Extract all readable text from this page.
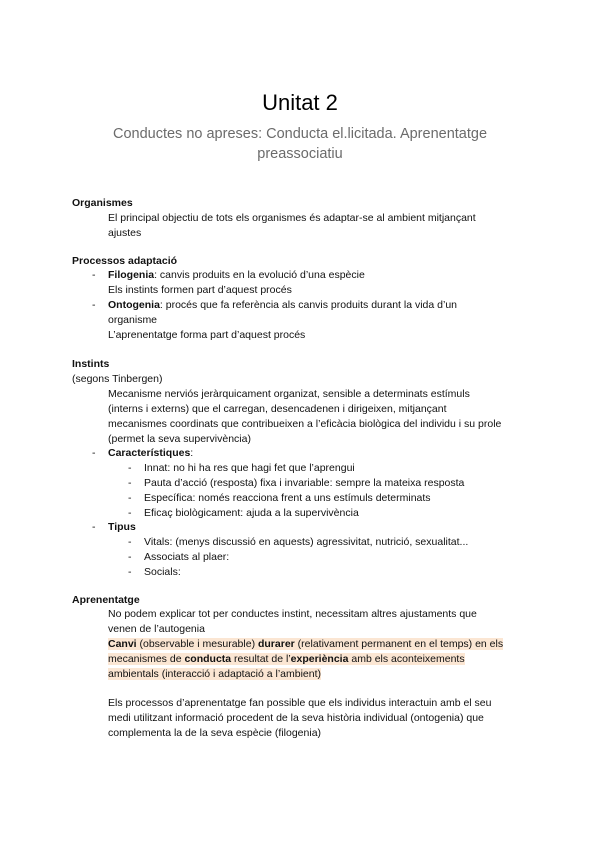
Unitat 2
Conductes no apreses: Conducta el.licitada. Aprenentatge preassociatiu
Organismes
El principal objectiu de tots els organismes és adaptar-se al ambient mitjançant
ajustes
Processos adaptació
- Filogenia: canvis produits en la evolució d’una espècie
Els instints formen part d’aquest procés
- Ontogenia: procés que fa referència als canvis produits durant la vida d’un
organisme
L’aprenentatge forma part d’aquest procés
Instints
(segons Tinbergen)
Mecanisme nerviós jeràrquicament organizat, sensible a determinats estímuls
(interns i externs) que el carregan, desencadenen i dirigeixen, mitjançant
mecanismes coordinats que contribueixen a l’eficàcia biològica del individu i su prole
(permet la seva supervivència)
- Característiques:
- Innat: no hi ha res que hagi fet que l’aprengui
- Pauta d’acció (resposta) fixa i invariable: sempre la mateixa resposta
- Específica: només reacciona frent a uns estímuls determinats
- Eficaç biològicament: ajuda a la supervivència
- Tipus
- Vitals: (menys discussió en aquests) agressivitat, nutrició, sexualitat...
- Associats al plaer:
- Socials:
Aprenentatge
No podem explicar tot per conductes instint, necessitam altres ajustaments que
venen de l’autogenia
Canvi (observable i mesurable) durarer (relativament permanent en el temps) en els
mecanismes de conducta resultat de l’experiència amb els aconteixements
ambientals (interacció i adaptació a l’ambient)
Els processos d’aprenentatge fan possible que els individus interactuin amb el seu
medi utilitzant informació procedent de la seva història individual (ontogenia) que
complementa la de la seva espècie (filogenia)
